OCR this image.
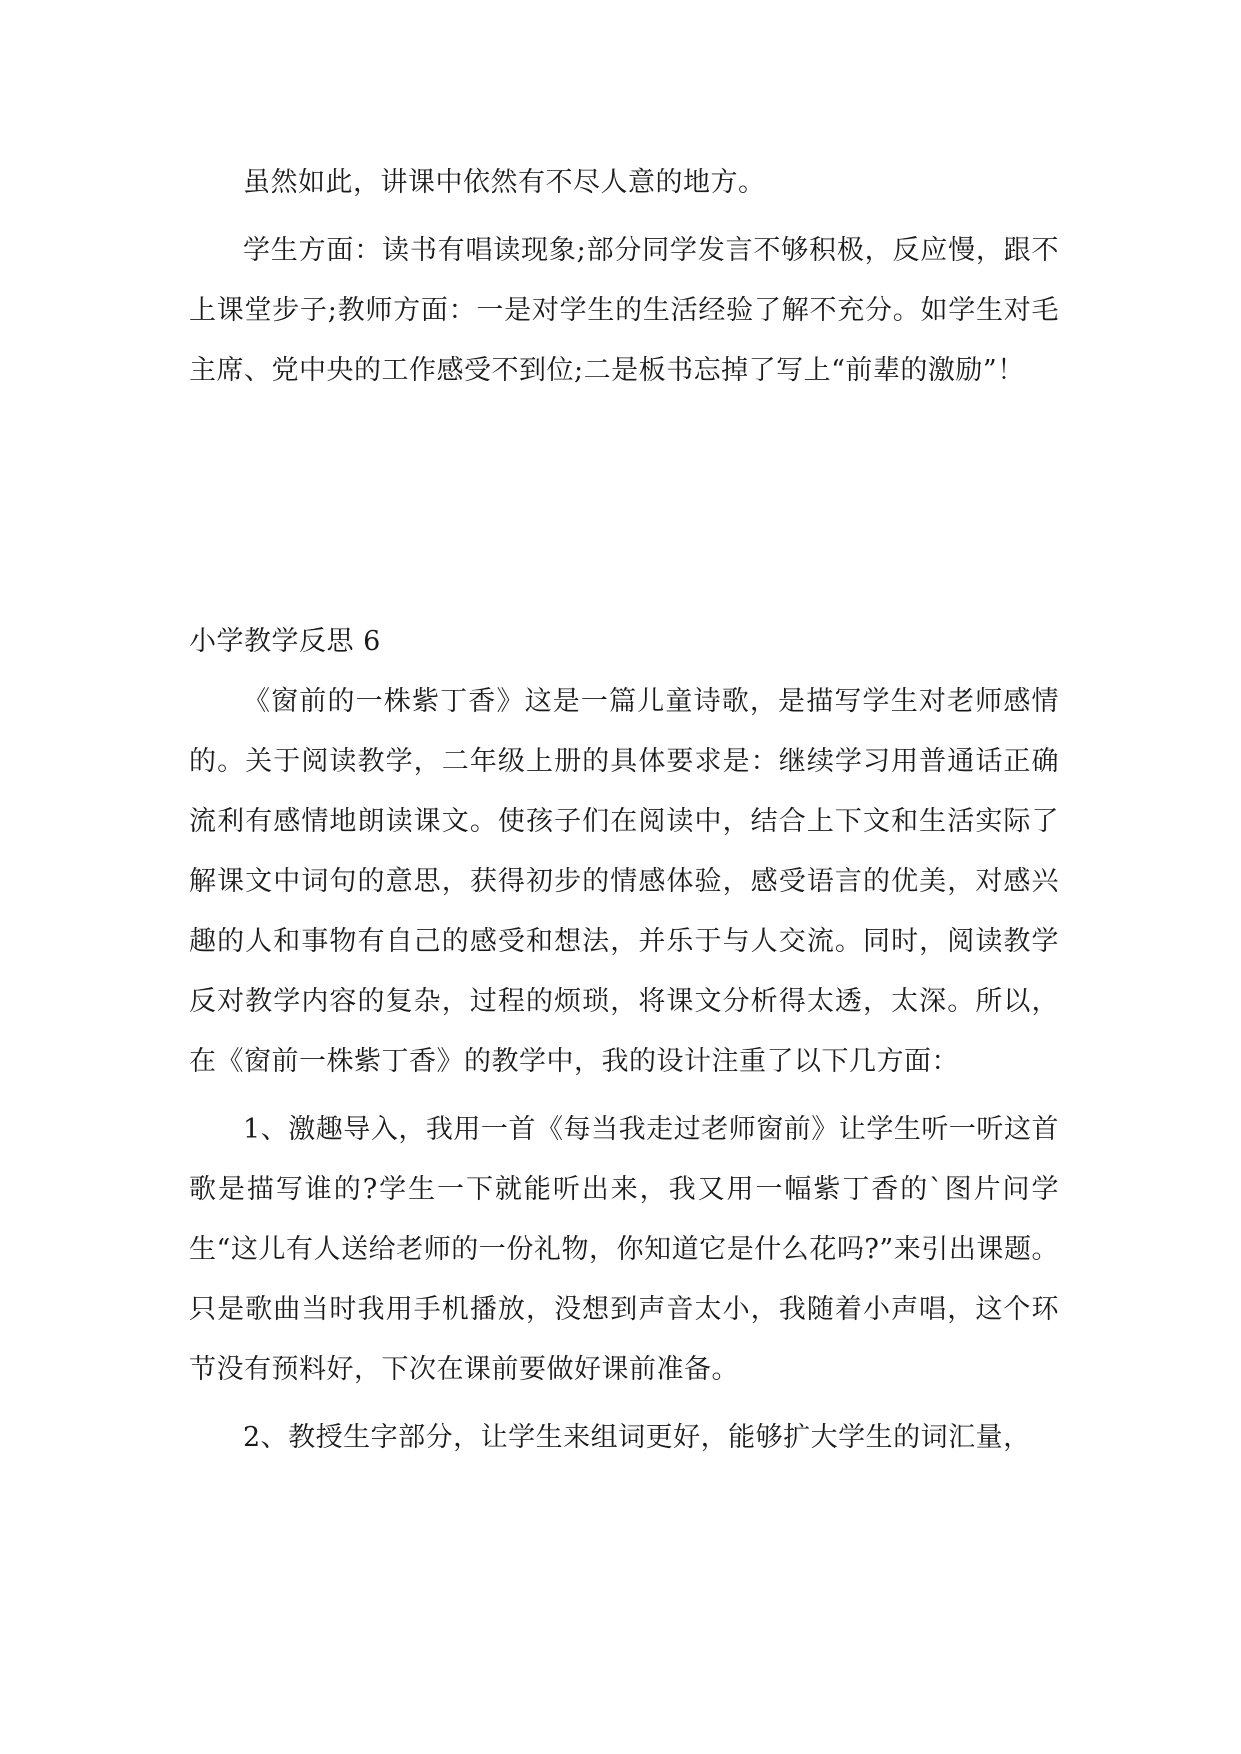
虽然如此，讲课中依然有不尽人意的地方。

学生方面：读书有唱读现象;部分同学发言不够积极，反应慢，跟不上课堂步子;教师方面：一是对学生的生活经验了解不充分。如学生对毛主席、党中央的工作感受不到位;二是板书忘掉了写上“前辈的激励”！

小学教学反思 6

《窗前的一株紫丁香》这是一篇儿童诗歌，是描写学生对老师感情的。关于阅读教学，二年级上册的具体要求是：继续学习用普通话正确流利有感情地朗读课文。使孩子们在阅读中，结合上下文和生活实际了解课文中词句的意思，获得初步的情感体验，感受语言的优美，对感兴趣的人和事物有自己的感受和想法，并乐于与人交流。同时，阅读教学反对教学内容的复杂，过程的烦琐，将课文分析得太透，太深。所以，在《窗前一株紫丁香》的教学中，我的设计注重了以下几方面：

1、激趣导入，我用一首《每当我走过老师窗前》让学生听一听这首歌是描写谁的?学生一下就能听出来，我又用一幅紫丁香的`图片问学生“这儿有人送给老师的一份礼物，你知道它是什么花吗?”来引出课题。只是歌曲当时我用手机播放，没想到声音太小，我随着小声唱，这个环节没有预料好，下次在课前要做好课前准备。

2、教授生字部分，让学生来组词更好，能够扩大学生的词汇量，
